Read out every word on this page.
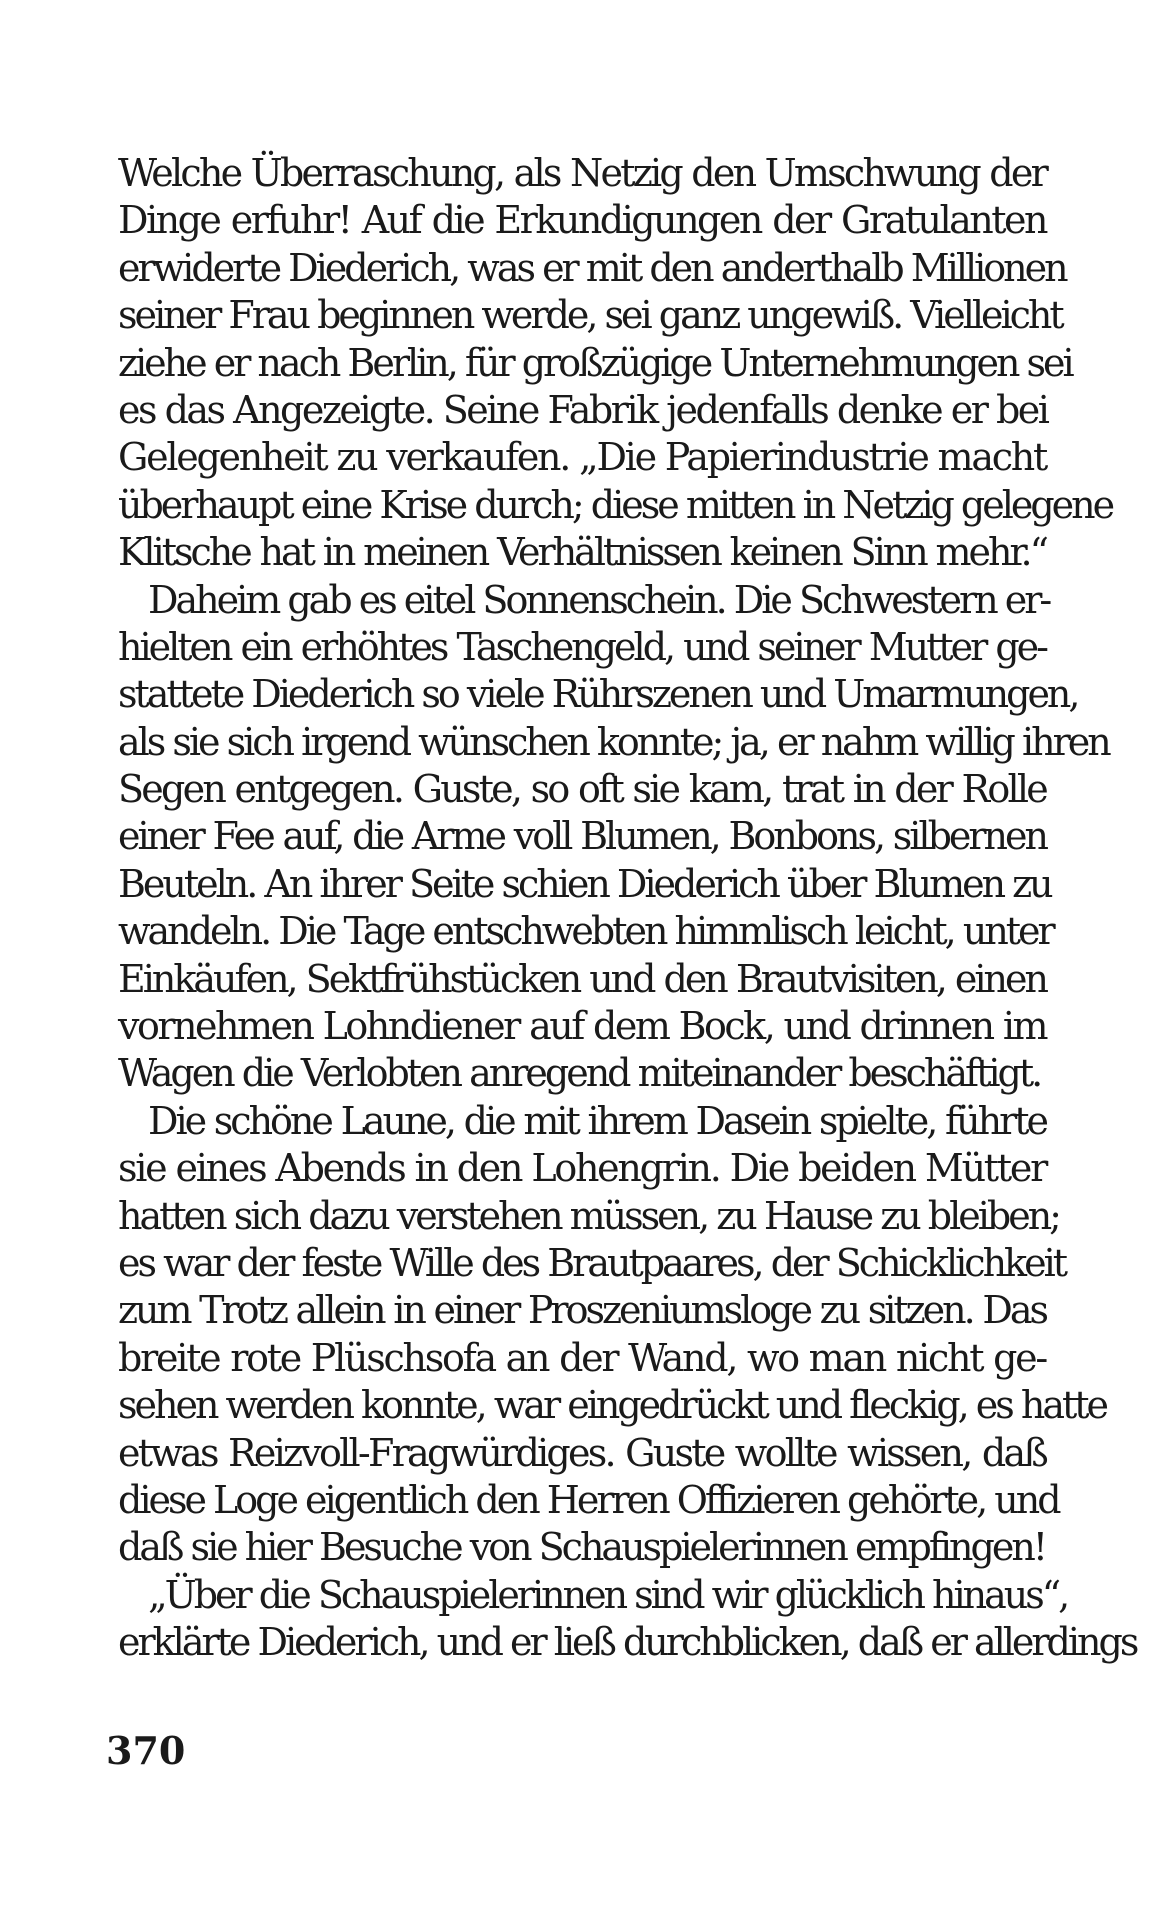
Welche Überraschung, als Netzig den Umschwung der
Dinge erfuhr! Auf die Erkundigungen der Gratulanten
erwiderte Diederich, was er mit den anderthalb Millionen
seiner Frau beginnen werde, sei ganz ungewiß. Vielleicht
ziehe er nach Berlin, für großzügige Unternehmungen sei
es das Angezeigte. Seine Fabrik jedenfalls denke er bei
Gelegenheit zu verkaufen. „Die Papierindustrie macht
überhaupt eine Krise durch; diese mitten in Netzig gelegene
Klitsche hat in meinen Verhältnissen keinen Sinn mehr.“
Daheim gab es eitel Sonnenschein. Die Schwestern er-
hielten ein erhöhtes Taschengeld, und seiner Mutter ge-
stattete Diederich so viele Rührszenen und Umarmungen,
als sie sich irgend wünschen konnte; ja, er nahm willig ihren
Segen entgegen. Guste, so oft sie kam, trat in der Rolle
einer Fee auf, die Arme voll Blumen, Bonbons, silbernen
Beuteln. An ihrer Seite schien Diederich über Blumen zu
wandeln. Die Tage entschwebten himmlisch leicht, unter
Einkäufen, Sektfrühstücken und den Brautvisiten, einen
vornehmen Lohndiener auf dem Bock, und drinnen im
Wagen die Verlobten anregend miteinander beschäftigt.
Die schöne Laune, die mit ihrem Dasein spielte, führte
sie eines Abends in den Lohengrin. Die beiden Mütter
hatten sich dazu verstehen müssen, zu Hause zu bleiben;
es war der feste Wille des Brautpaares, der Schicklichkeit
zum Trotz allein in einer Proszeniumsloge zu sitzen. Das
breite rote Plüschsofa an der Wand, wo man nicht ge-
sehen werden konnte, war eingedrückt und fleckig, es hatte
etwas Reizvoll-Fragwürdiges. Guste wollte wissen, daß
diese Loge eigentlich den Herren Offizieren gehörte, und
daß sie hier Besuche von Schauspielerinnen empfingen!
„Über die Schauspielerinnen sind wir glücklich hinaus“,
erklärte Diederich, und er ließ durchblicken, daß er allerdings
370
